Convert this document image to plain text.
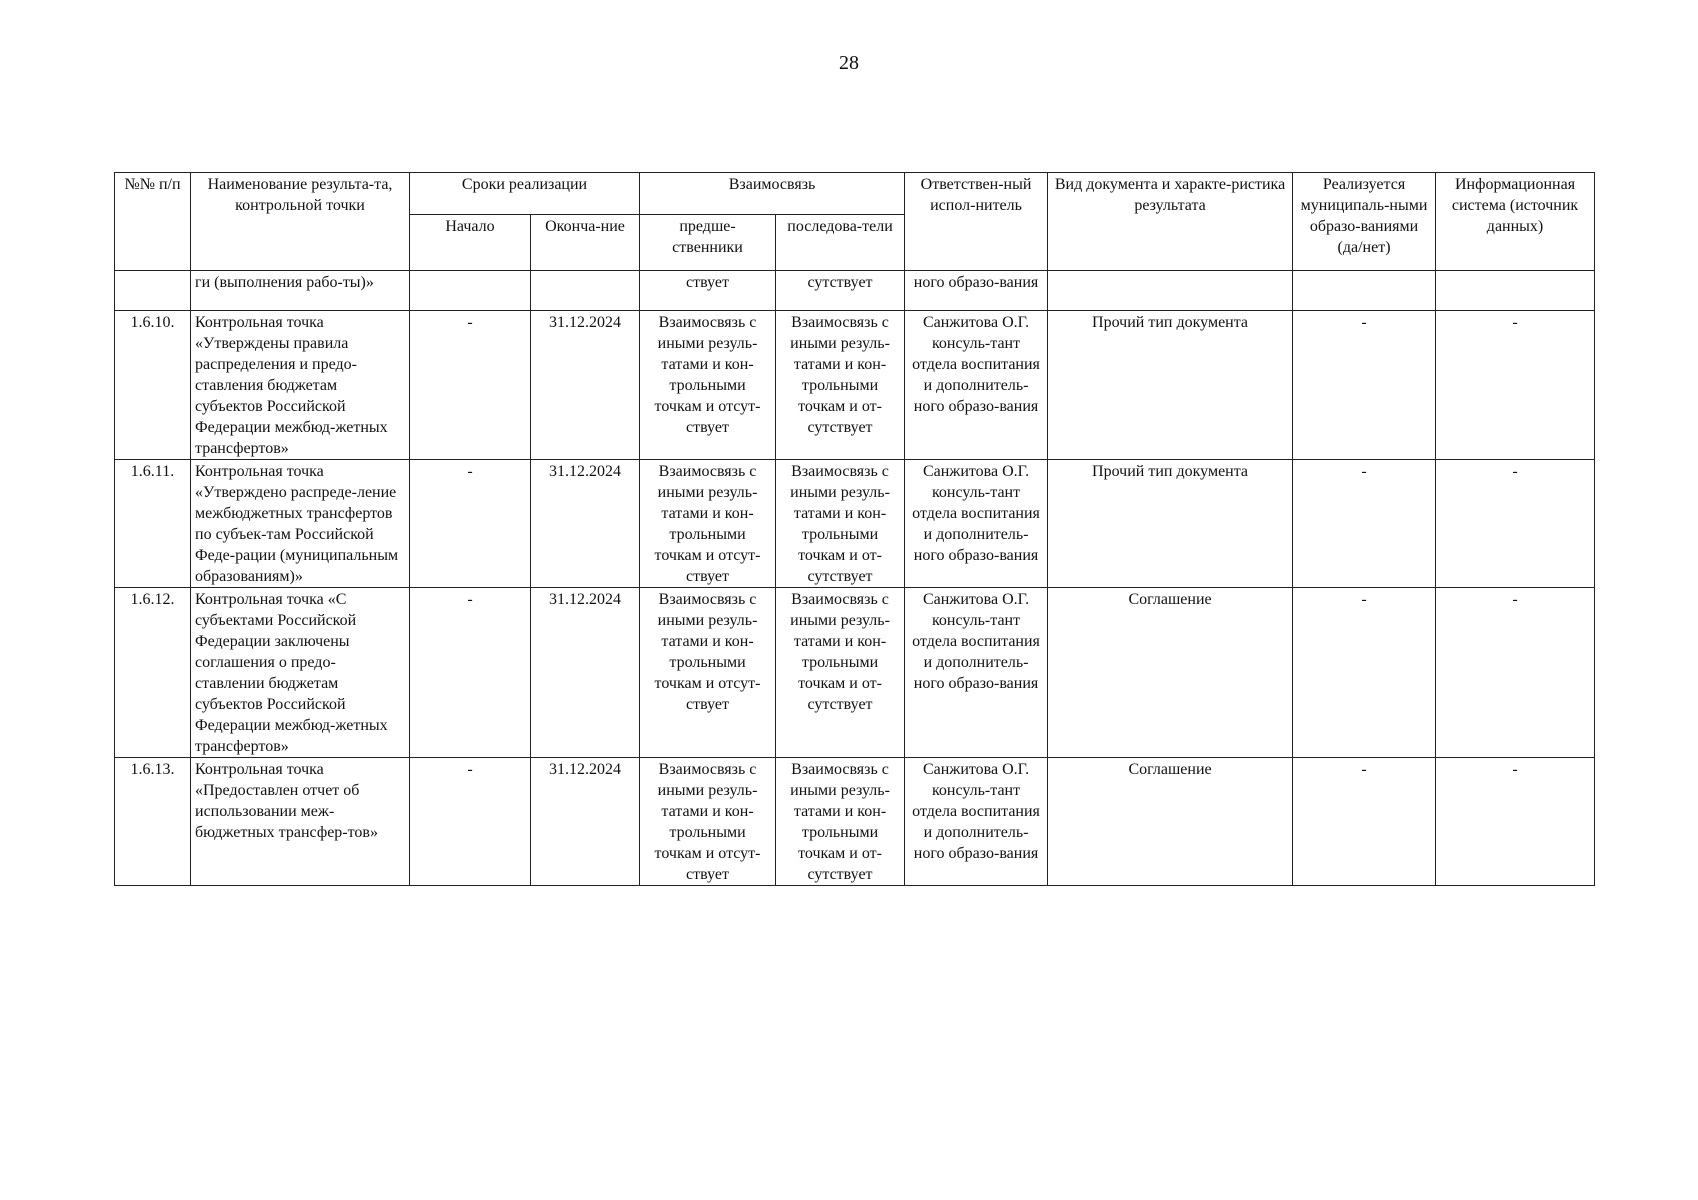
28
№№ п/п	Наименование результа-та, контрольной точки	Сроки реализации		Взаимосвязь		Ответствен-ный испол-нитель	Вид документа и характе-ристика результата	Реализуется муниципаль-ными образо-ваниями (да/нет)	Информационная система (источник данных)
		Начало	Оконча-ние	предше-ственники	последова-тели				
	ги (выполнения рабо-ты)»			ствует	сутствует	ного образо-вания			
1.6.10.	Контрольная точка «Утверждены правила распределения и предо-ставления бюджетам субъектов Российской Федерации межбюд-жетных трансфертов»	-	31.12.2024	Взаимосвязь с иными резуль-татами и кон-трольными точкам и отсут-ствует	Взаимосвязь с иными резуль-татами и кон-трольными точкам и от-сутствует	Санжитова О.Г. консуль-тант отдела воспитания и дополнитель-ного образо-вания	Прочий тип документа	-	-
1.6.11.	Контрольная точка «Утверждено распреде-ление межбюджетных трансфертов по субъек-там Российской Феде-рации (муниципальным образованиям)»	-	31.12.2024	Взаимосвязь с иными резуль-татами и кон-трольными точкам и отсут-ствует	Взаимосвязь с иными резуль-татами и кон-трольными точкам и от-сутствует	Санжитова О.Г. консуль-тант отдела воспитания и дополнитель-ного образо-вания	Прочий тип документа	-	-
1.6.12.	Контрольная точка «С субъектами Российской Федерации заключены соглашения о предо-ставлении бюджетам субъектов Российской Федерации межбюд-жетных трансфертов»	-	31.12.2024	Взаимосвязь с иными резуль-татами и кон-трольными точкам и отсут-ствует	Взаимосвязь с иными резуль-татами и кон-трольными точкам и от-сутствует	Санжитова О.Г. консуль-тант отдела воспитания и дополнитель-ного образо-вания	Соглашение	-	-
1.6.13.	Контрольная точка «Предоставлен отчет об использовании меж-бюджетных трансфер-тов»	-	31.12.2024	Взаимосвязь с иными резуль-татами и кон-трольными точкам и отсут-ствует	Взаимосвязь с иными резуль-татами и кон-трольными точкам и от-сутствует	Санжитова О.Г. консуль-тант отдела воспитания и дополнитель-ного образо-вания	Соглашение	-	-
